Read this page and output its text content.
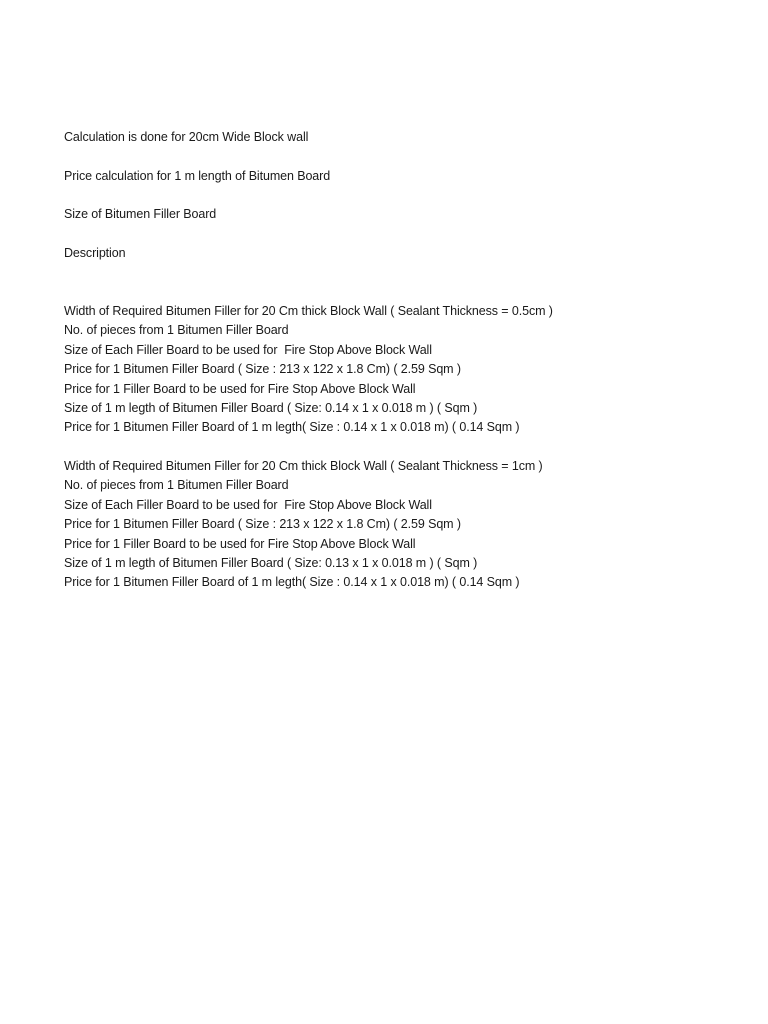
Calculation is done for 20cm Wide Block wall
Price calculation for 1 m length of Bitumen Board
Size of Bitumen Filler Board
Description
Width of Required Bitumen Filler for 20 Cm thick Block Wall ( Sealant Thickness = 0.5cm )
No. of pieces from 1 Bitumen Filler Board
Size of Each Filler Board to be used for  Fire Stop Above Block Wall
Price for 1 Bitumen Filler Board ( Size : 213 x 122 x 1.8 Cm) ( 2.59 Sqm )
Price for 1 Filler Board to be used for Fire Stop Above Block Wall
Size of 1 m legth of Bitumen Filler Board ( Size: 0.14 x 1 x 0.018 m ) ( Sqm )
Price for 1 Bitumen Filler Board of 1 m legth( Size : 0.14 x 1 x 0.018 m) ( 0.14 Sqm )
Width of Required Bitumen Filler for 20 Cm thick Block Wall ( Sealant Thickness = 1cm )
No. of pieces from 1 Bitumen Filler Board
Size of Each Filler Board to be used for  Fire Stop Above Block Wall
Price for 1 Bitumen Filler Board ( Size : 213 x 122 x 1.8 Cm) ( 2.59 Sqm )
Price for 1 Filler Board to be used for Fire Stop Above Block Wall
Size of 1 m legth of Bitumen Filler Board ( Size: 0.13 x 1 x 0.018 m ) ( Sqm )
Price for 1 Bitumen Filler Board of 1 m legth( Size : 0.14 x 1 x 0.018 m) ( 0.14 Sqm )
